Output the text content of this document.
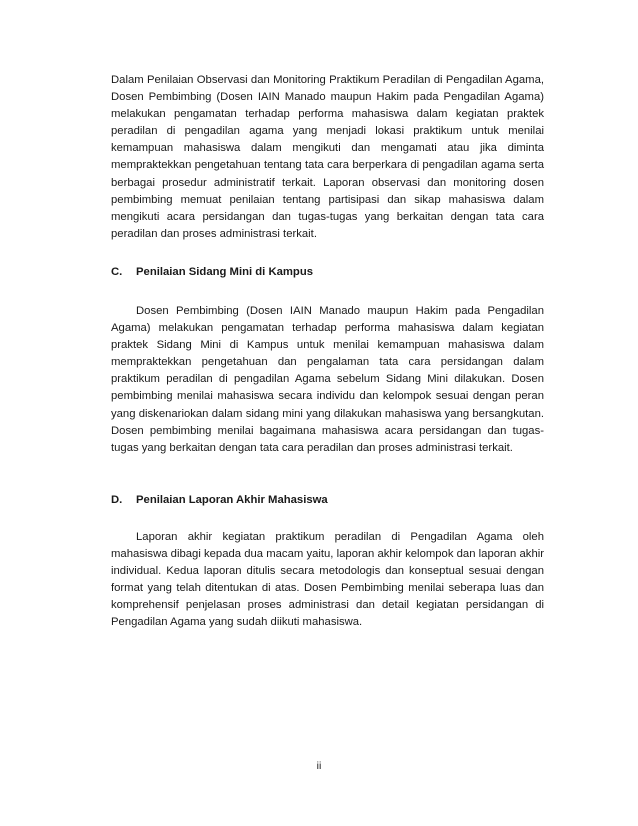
Dalam Penilaian Observasi dan Monitoring Praktikum Peradilan di Pengadilan Agama, Dosen Pembimbing (Dosen IAIN Manado maupun Hakim pada Pengadilan Agama) melakukan pengamatan terhadap performa mahasiswa dalam kegiatan praktek peradilan di pengadilan agama yang menjadi lokasi praktikum untuk menilai kemampuan mahasiswa dalam mengikuti dan mengamati atau jika diminta mempraktekkan pengetahuan tentang tata cara berperkara di pengadilan agama serta berbagai prosedur administratif terkait. Laporan observasi dan monitoring dosen pembimbing memuat penilaian tentang partisipasi dan sikap mahasiswa dalam mengikuti acara persidangan dan tugas-tugas yang berkaitan dengan tata cara peradilan dan proses administrasi terkait.

C. Penilaian Sidang Mini di Kampus

Dosen Pembimbing (Dosen IAIN Manado maupun Hakim pada Pengadilan Agama) melakukan pengamatan terhadap performa mahasiswa dalam kegiatan praktek Sidang Mini di Kampus untuk menilai kemampuan mahasiswa dalam mempraktekkan pengetahuan dan pengalaman tata cara persidangan dalam praktikum peradilan di pengadilan Agama sebelum Sidang Mini dilakukan. Dosen pembimbing menilai mahasiswa secara individu dan kelompok sesuai dengan peran yang diskenariokan dalam sidang mini yang dilakukan mahasiswa yang bersangkutan. Dosen pembimbing menilai bagaimana mahasiswa acara persidangan dan tugas-tugas yang berkaitan dengan tata cara peradilan dan proses administrasi terkait.

D. Penilaian Laporan Akhir Mahasiswa

Laporan akhir kegiatan praktikum peradilan di Pengadilan Agama oleh mahasiswa dibagi kepada dua macam yaitu, laporan akhir kelompok dan laporan akhir individual. Kedua laporan ditulis secara metodologis dan konseptual sesuai dengan format yang telah ditentukan di atas. Dosen Pembimbing menilai seberapa luas dan komprehensif penjelasan proses administrasi dan detail kegiatan persidangan di Pengadilan Agama yang sudah diikuti mahasiswa.

ii
